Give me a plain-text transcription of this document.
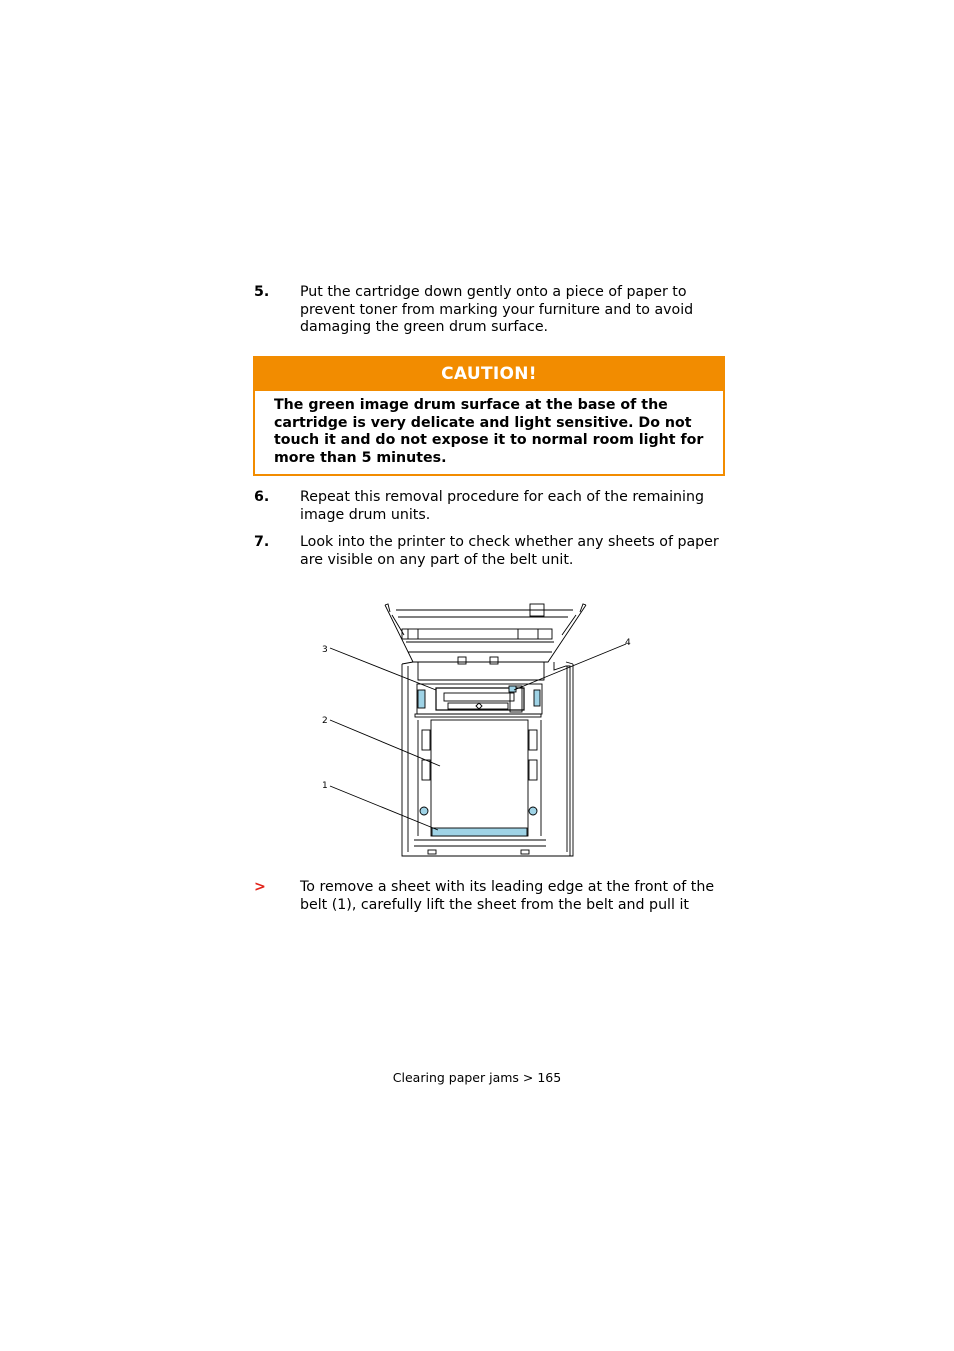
5. Put the cartridge down gently onto a piece of paper to prevent toner from marking your furniture and to avoid damaging the green drum surface.
CAUTION!
The green image drum surface at the base of the cartridge is very delicate and light sensitive. Do not touch it and do not expose it to normal room light for more than 5 minutes.
6. Repeat this removal procedure for each of the remaining image drum units.
7. Look into the printer to check whether any sheets of paper are visible on any part of the belt unit.
1
2
3
4
> To remove a sheet with its leading edge at the front of the belt (1), carefully lift the sheet from the belt and pull it
Clearing paper jams > 165
